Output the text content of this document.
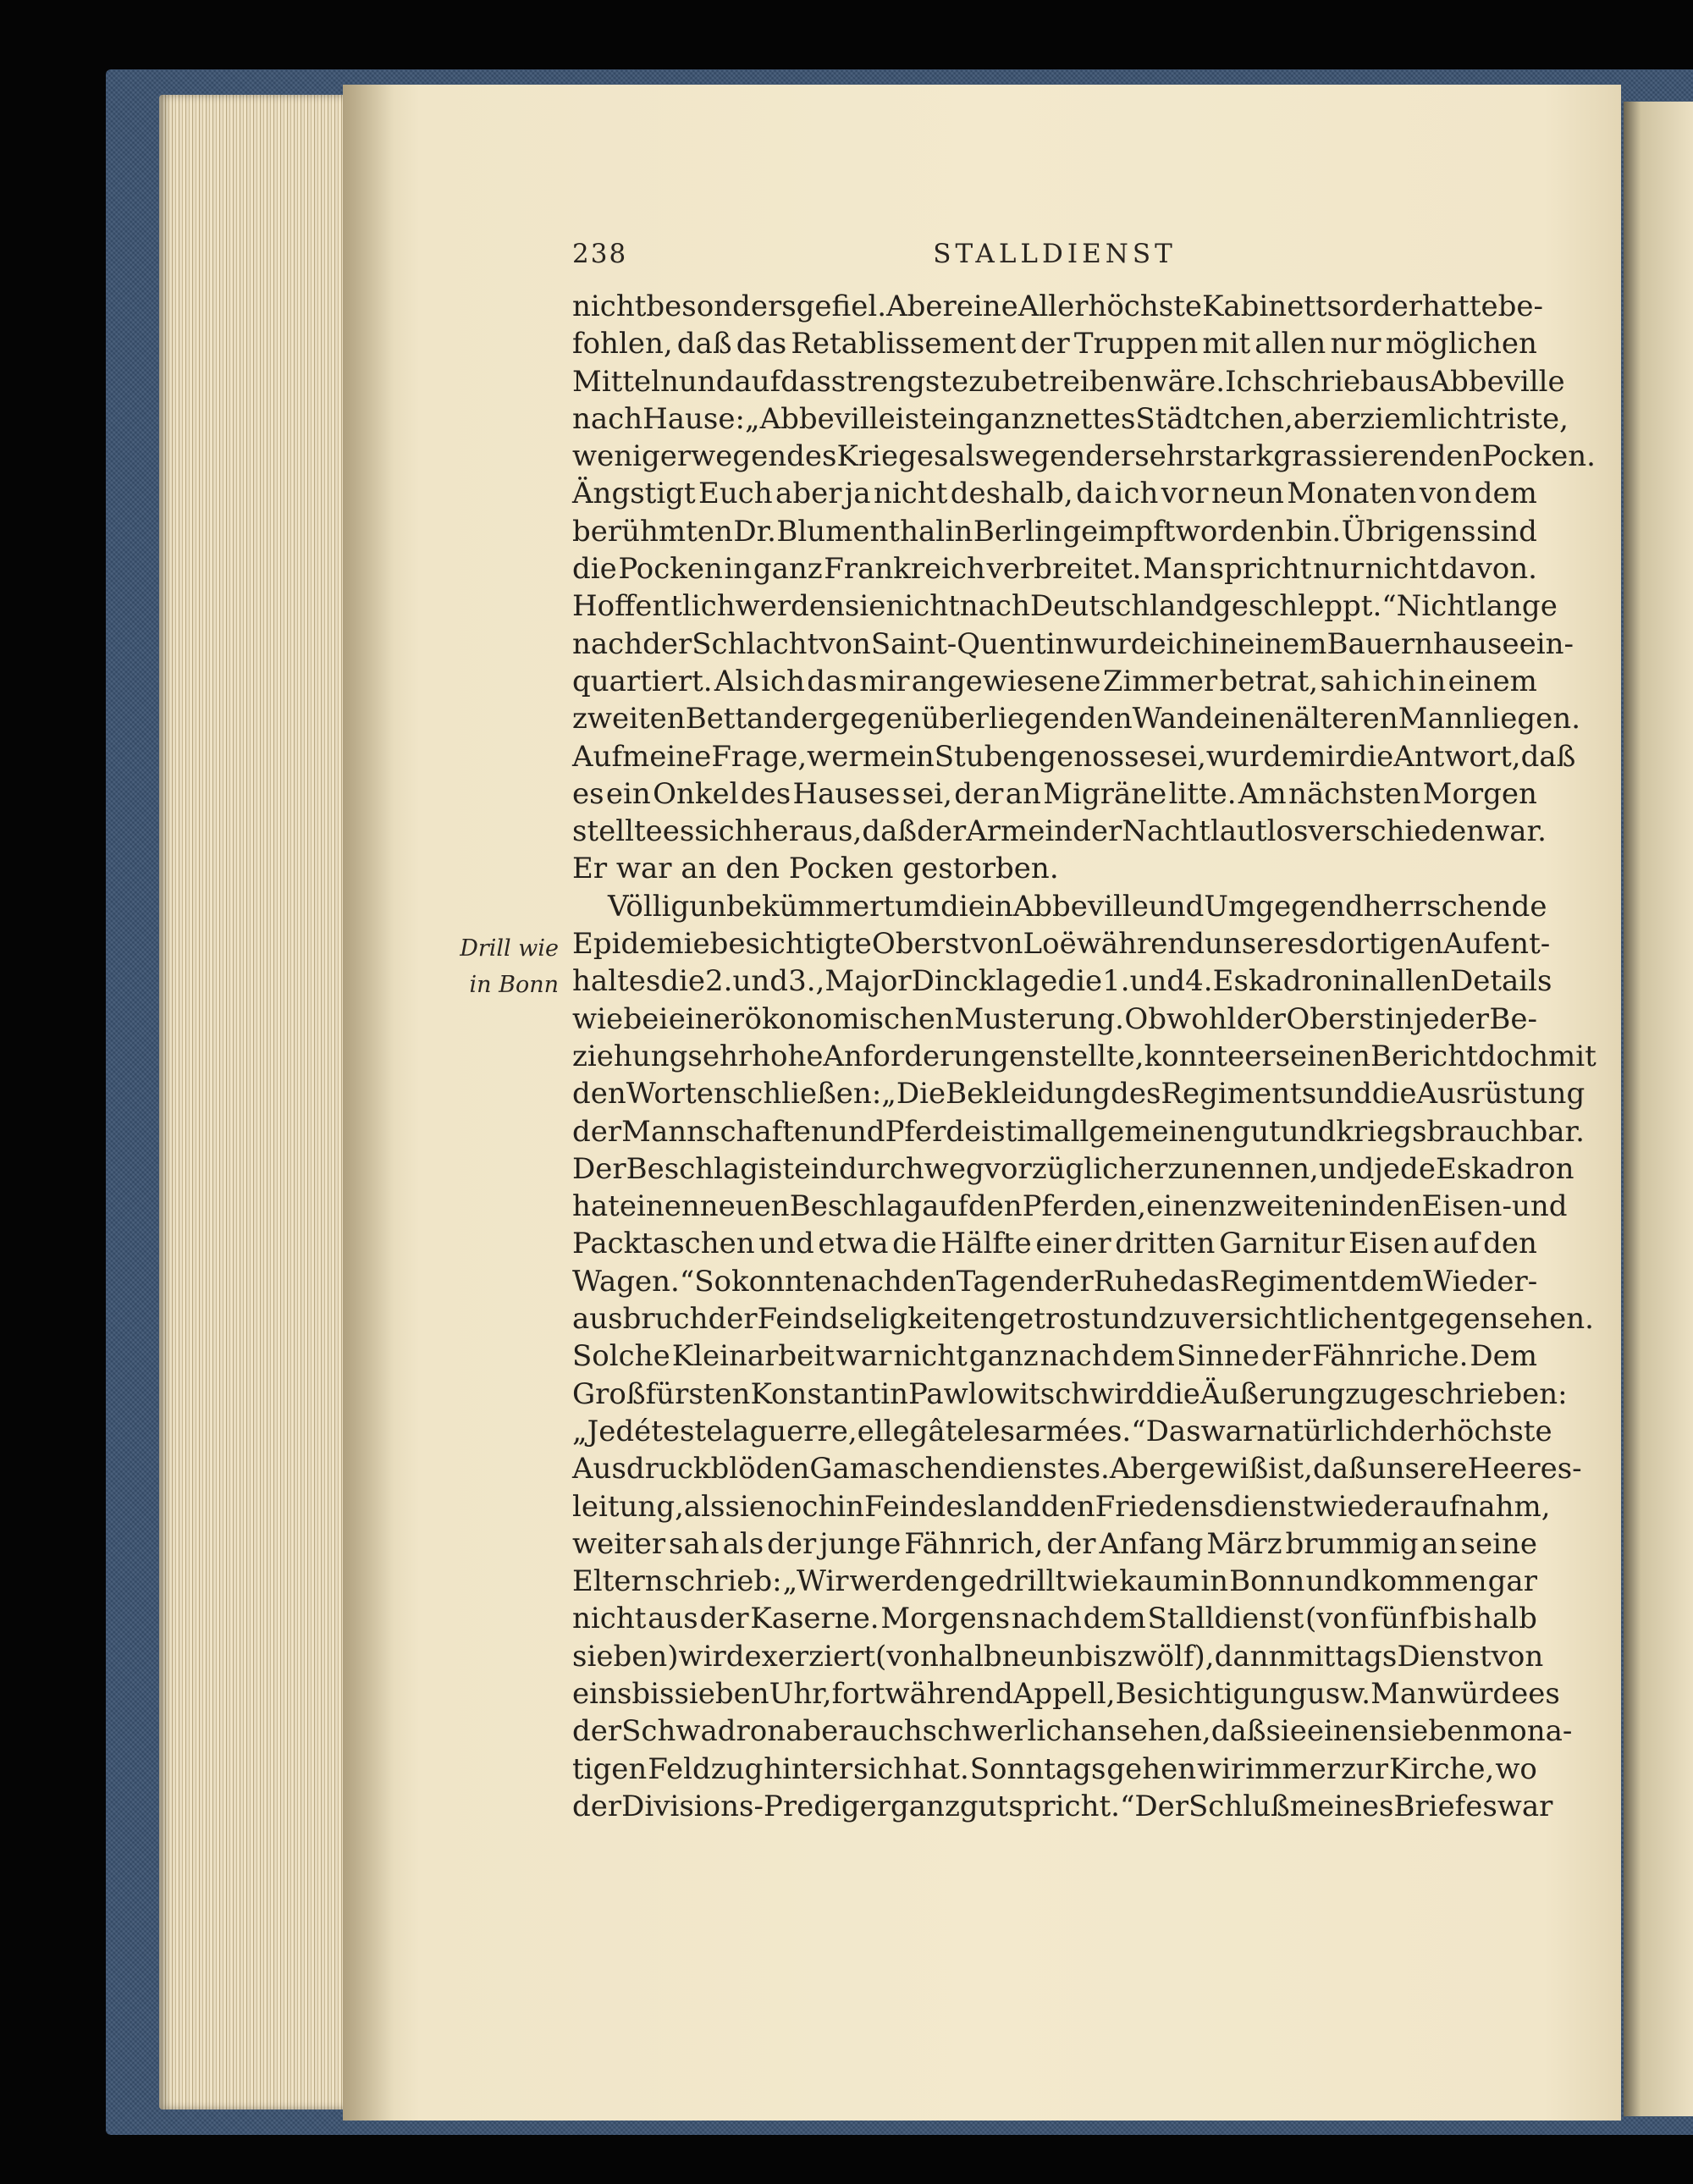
STALLDIENST
238
Drill wie
in Bonn
nicht besonders gefiel. Aber eine Allerhöchste Kabinettsorder hatte be-
fohlen, daß das Retablissement der Truppen mit allen nur möglichen
Mitteln und auf das strengste zu betreiben wäre. Ich schrieb aus Abbeville
nach Hause: „Abbeville ist ein ganz nettes Städtchen, aber ziemlich triste,
weniger wegen des Krieges als wegen der sehr stark grassierenden Pocken.
Ängstigt Euch aber ja nicht deshalb, da ich vor neun Monaten von dem
berühmten Dr. Blumenthal in Berlin geimpft worden bin. Übrigens sind
die Pocken in ganz Frankreich verbreitet. Man spricht nur nicht davon.
Hoffentlich werden sie nicht nach Deutschland geschleppt.“ Nicht lange
nach der Schlacht von Saint-Quentin wurde ich in einem Bauernhause ein-
quartiert. Als ich das mir angewiesene Zimmer betrat, sah ich in einem
zweiten Bett an der gegenüberliegenden Wand einen älteren Mann liegen.
Auf meine Frage, wer mein Stubengenosse sei, wurde mir die Antwort, daß
es ein Onkel des Hauses sei, der an Migräne litte. Am nächsten Morgen
stellte es sich heraus, daß der Arme in der Nacht lautlos verschieden war.
Er war an den Pocken gestorben.
Völlig unbekümmert um die in Abbeville und Umgegend herrschende
Epidemie besichtigte Oberst von Loë während unseres dortigen Aufent-
haltes die 2. und 3., Major Dincklage die 1. und 4. Eskadron in allen Details
wie bei einer ökonomischen Musterung. Obwohl der Oberst in jeder Be-
ziehung sehr hohe Anforderungen stellte, konnte er seinen Bericht doch mit
den Worten schließen: „Die Bekleidung des Regiments und die Ausrüstung
der Mannschaften und Pferde ist im allgemeinen gut und kriegsbrauchbar.
Der Beschlag ist ein durchweg vorzüglicher zu nennen, und jede Eskadron
hat einen neuen Beschlag auf den Pferden, einen zweiten in den Eisen- und
Packtaschen und etwa die Hälfte einer dritten Garnitur Eisen auf den
Wagen.“ So konnte nach den Tagen der Ruhe das Regiment dem Wieder-
ausbruch der Feindseligkeiten getrost und zuversichtlich entgegensehen.
Solche Kleinarbeit war nicht ganz nach dem Sinne der Fähnriche. Dem
Großfürsten Konstantin Pawlowitsch wird die Äußerung zugeschrieben:
„Je déteste la guerre, elle gâte les armées.“ Das war natürlich der höchste
Ausdruck blöden Gamaschendienstes. Aber gewiß ist, daß unsere Heeres-
leitung, als sie noch in Feindesland den Friedensdienst wieder aufnahm,
weiter sah als der junge Fähnrich, der Anfang März brummig an seine
Eltern schrieb: „Wir werden gedrillt wie kaum in Bonn und kommen gar
nicht aus der Kaserne. Morgens nach dem Stalldienst (von fünf bis halb
sieben) wird exerziert (von halb neun bis zwölf), dann mittags Dienst von
eins bis sieben Uhr, fortwährend Appell, Besichtigung usw. Man würde es
der Schwadron aber auch schwerlich ansehen, daß sie einen siebenmona-
tigen Feldzug hinter sich hat. Sonntags gehen wir immer zur Kirche, wo
der Divisions-Prediger ganz gut spricht.“ Der Schluß meines Briefes war
